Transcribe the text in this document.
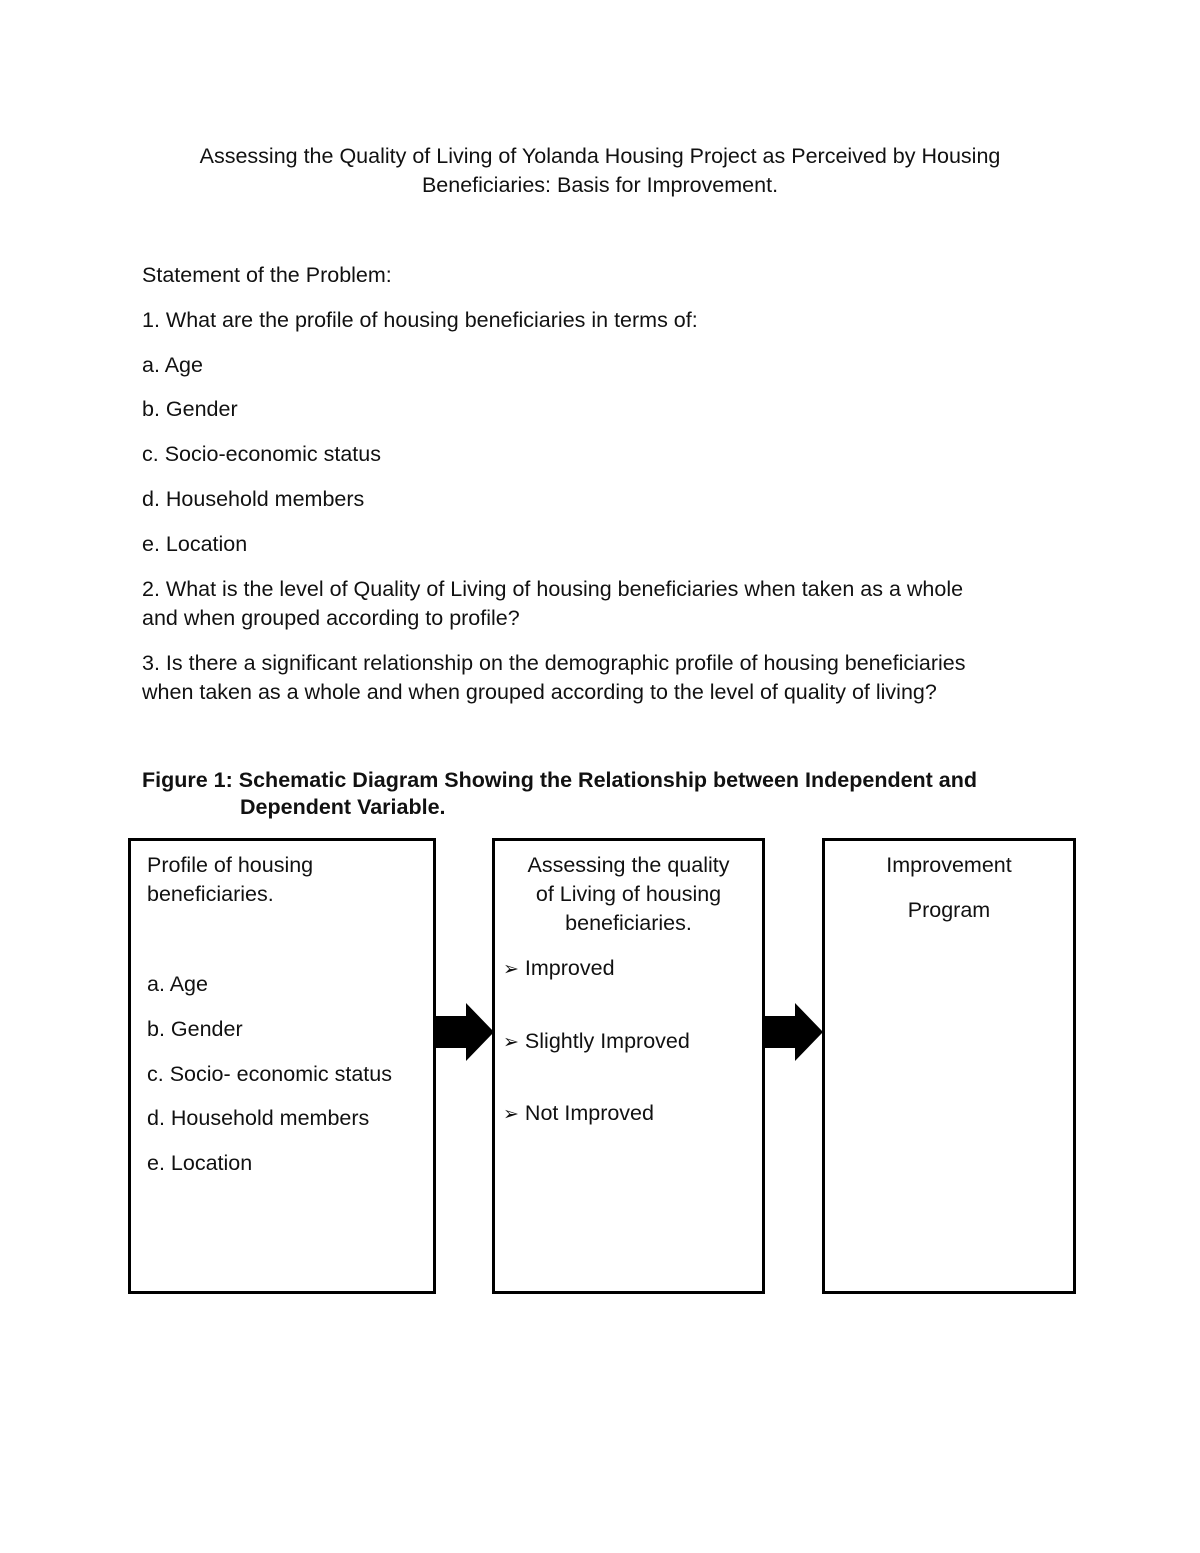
Assessing the Quality of Living of Yolanda Housing Project as Perceived by Housing
Beneficiaries: Basis for Improvement.
Statement of the Problem:
1. What are the profile of housing beneficiaries in terms of:
a. Age
b. Gender
c. Socio-economic status
d. Household members
e. Location
2. What is the level of Quality of Living of housing beneficiaries when taken as a whole
and when grouped according to profile?
3. Is there a significant relationship on the demographic profile of housing beneficiaries
when taken as a whole and when grouped according to the level of quality of living?
Figure 1: Schematic Diagram Showing the Relationship between Independent and
Dependent Variable.
Profile of housing
beneficiaries.
a. Age
b. Gender
c. Socio- economic status
d. Household members
e. Location
Assessing the quality
of Living of housing
beneficiaries.
➢ Improved
➢ Slightly Improved
➢ Not Improved
Improvement
Program
